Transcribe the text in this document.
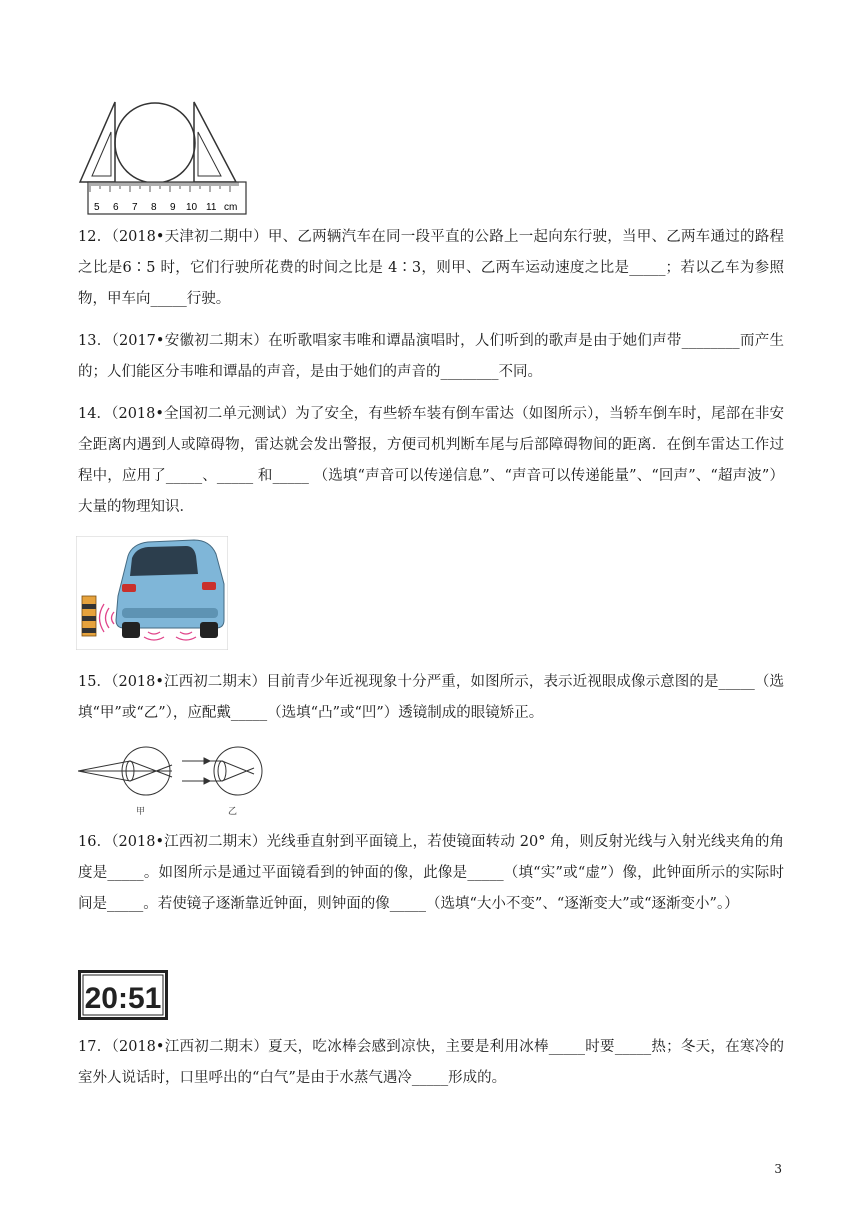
5 6 7 8 9 10 11 cm

12．（2018•天津初二期中）甲、乙两辆汽车在同一段平直的公路上一起向东行驶，当甲、乙两车通过的路程之比是6∶5 时，它们行驶所花费的时间之比是 4∶3，则甲、乙两车运动速度之比是_____；若以乙车为参照物，甲车向_____行驶。

13．（2017•安徽初二期末）在听歌唱家韦唯和谭晶演唱时，人们听到的歌声是由于她们声带________而产生的；人们能区分韦唯和谭晶的声音，是由于她们的声音的________不同。

14．（2018•全国初二单元测试）为了安全，有些轿车装有倒车雷达（如图所示），当轿车倒车时，尾部在非安全距离内遇到人或障碍物，雷达就会发出警报，方便司机判断车尾与后部障碍物间的距离．在倒车雷达工作过程中，应用了_____、_____ 和_____ （选填“声音可以传递信息”、“声音可以传递能量”、“回声”、“超声波”）大量的物理知识．

15．（2018•江西初二期末）目前青少年近视现象十分严重，如图所示，表示近视眼成像示意图的是_____（选填“甲”或“乙”），应配戴_____（选填“凸”或“凹”）透镜制成的眼镜矫正。

甲	乙

16．（2018•江西初二期末）光线垂直射到平面镜上，若使镜面转动 20° 角，则反射光线与入射光线夹角的角度是_____。如图所示是通过平面镜看到的钟面的像，此像是_____（填“实”或“虚”）像，此钟面所示的实际时间是_____。若使镜子逐渐靠近钟面，则钟面的像_____（选填“大小不变”、“逐渐变大”或“逐渐变小”。）

20:51

17．（2018•江西初二期末）夏天，吃冰棒会感到凉快，主要是利用冰棒_____时要_____热；冬天，在寒冷的室外人说话时，口里呼出的“白气”是由于水蒸气遇冷_____形成的。

3
